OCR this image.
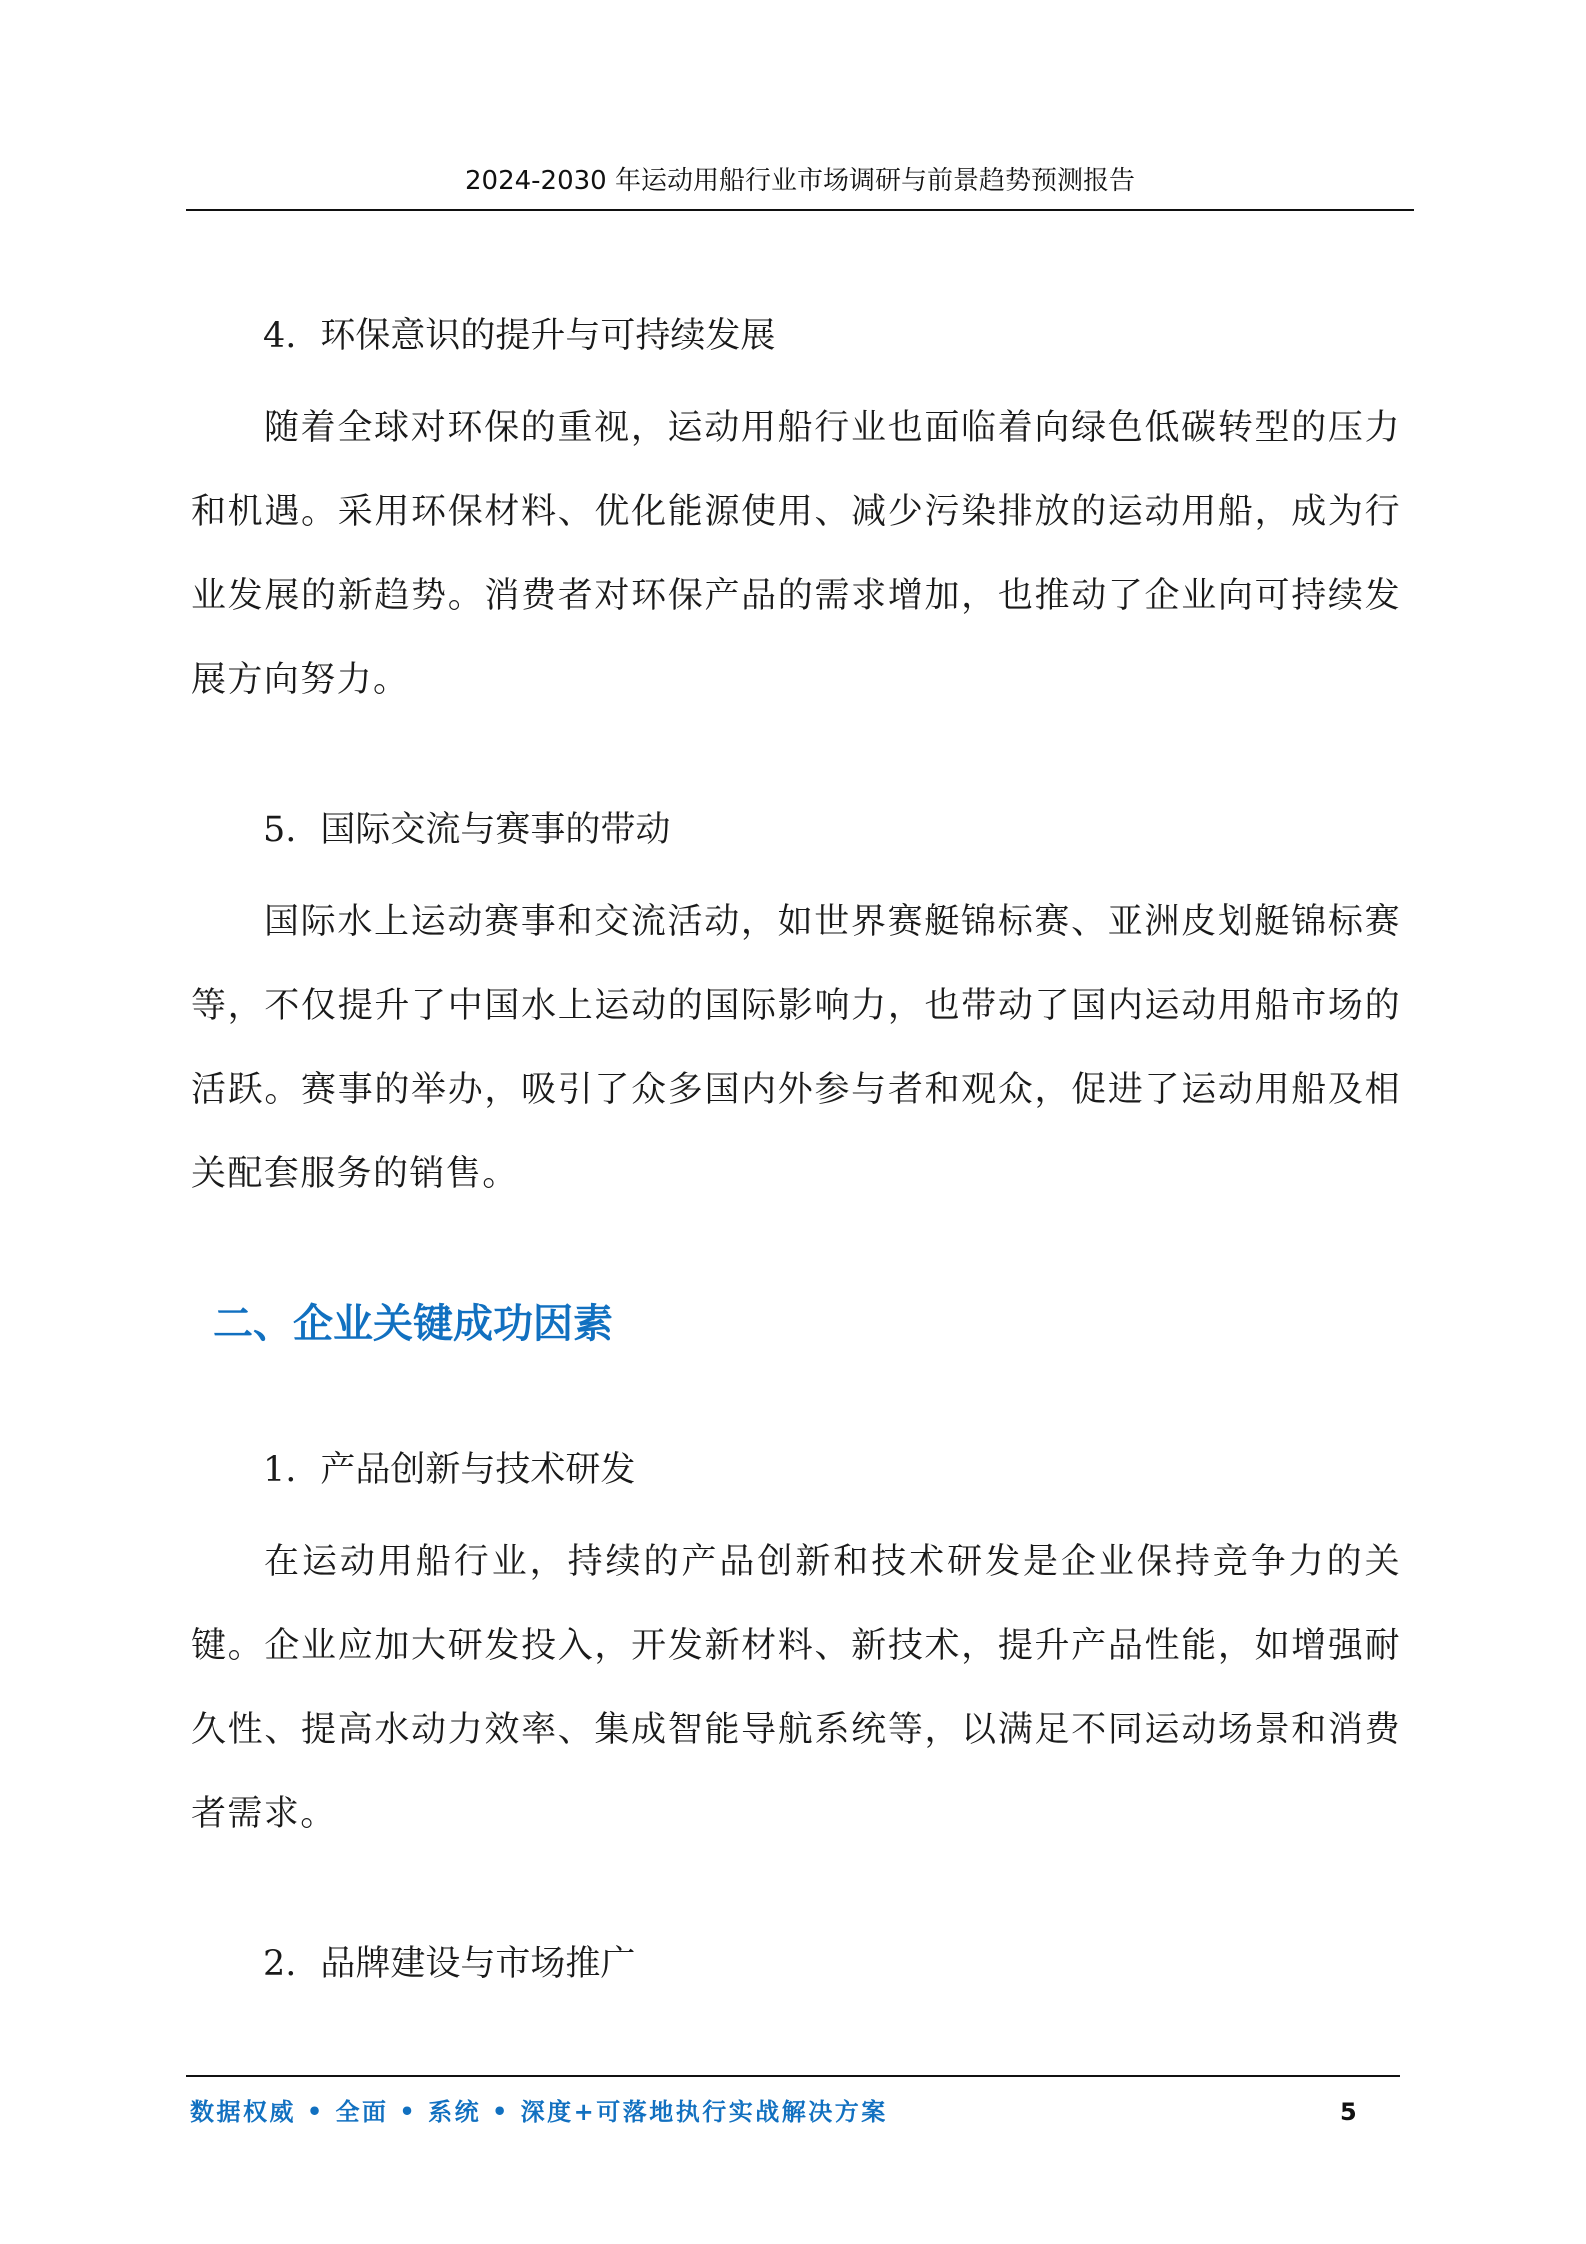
2024-2030 年运动用船行业市场调研与前景趋势预测报告
4. 环保意识的提升与可持续发展

随着全球对环保的重视，运动用船行业也面临着向绿色低碳转型的压力和机遇。采用环保材料、优化能源使用、减少污染排放的运动用船，成为行业发展的新趋势。消费者对环保产品的需求增加，也推动了企业向可持续发展方向努力。

5. 国际交流与赛事的带动

国际水上运动赛事和交流活动，如世界赛艇锦标赛、亚洲皮划艇锦标赛等，不仅提升了中国水上运动的国际影响力，也带动了国内运动用船市场的活跃。赛事的举办，吸引了众多国内外参与者和观众，促进了运动用船及相关配套服务的销售。

二、企业关键成功因素
1. 产品创新与技术研发

在运动用船行业，持续的产品创新和技术研发是企业保持竞争力的关键。企业应加大研发投入，开发新材料、新技术，提升产品性能，如增强耐久性、提高水动力效率、集成智能导航系统等，以满足不同运动场景和消费者需求。

2. 品牌建设与市场推广
数据权威 • 全面 • 系统 • 深度+可落地执行实战解决方案	5
